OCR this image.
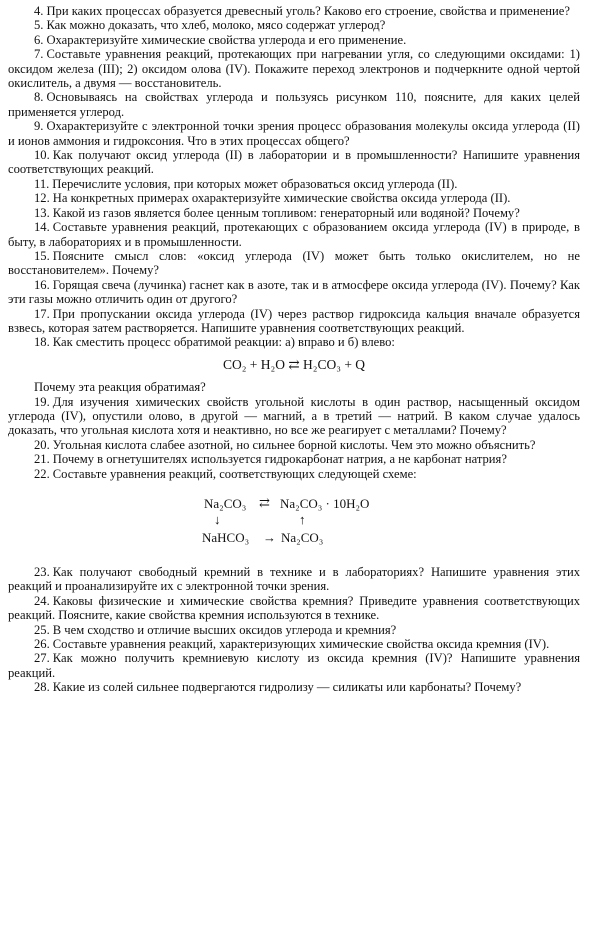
4. При каких процессах образуется древесный уголь? Каково его строение, свойства и применение?

5. Как можно доказать, что хлеб, молоко, мясо содержат углерод?

6. Охарактеризуйте химические свойства углерода и его применение.

7. Составьте уравнения реакций, протекающих при нагревании угля, со следующими оксидами: 1) оксидом железа (III); 2) оксидом олова (IV). Покажите переход электронов и подчеркните одной чертой окислитель, а двумя — восстановитель.

8. Основываясь на свойствах углерода и пользуясь рисунком 110, поясните, для каких целей применяется углерод.

9. Охарактеризуйте с электронной точки зрения процесс образования молекулы оксида углерода (II) и ионов аммония и гидроксония. Что в этих процессах общего?

10. Как получают оксид углерода (II) в лаборатории и в промышленности? Напишите уравнения соответствующих реакций.

11. Перечислите условия, при которых может образоваться оксид углерода (II).

12. На конкретных примерах охарактеризуйте химические свойства оксида углерода (II).

13. Какой из газов является более ценным топливом: генераторный или водяной? Почему?

14. Составьте уравнения реакций, протекающих с образованием оксида углерода (IV) в природе, в быту, в лабораториях и в промышленности.

15. Поясните смысл слов: «оксид углерода (IV) может быть только окислителем, но не восстановителем». Почему?

16. Горящая свеча (лучинка) гаснет как в азоте, так и в атмосфере оксида углерода (IV). Почему? Как эти газы можно отличить один от другого?

17. При пропускании оксида углерода (IV) через раствор гидроксида кальция вначале образуется взвесь, которая затем растворяется. Напишите уравнения соответствующих реакций.

18. Как сместить процесс обратимой реакции: а) вправо и б) влево:

CO₂ + H₂O ⇄ H₂CO₃ + Q

Почему эта реакция обратимая?

19. Для изучения химических свойств угольной кислоты в один раствор, насыщенный оксидом углерода (IV), опустили олово, в другой — магний, а в третий — натрий. В каком случае удалось доказать, что угольная кислота хотя и неактивно, но все же реагирует с металлами? Почему?

20. Угольная кислота слабее азотной, но сильнее борной кислоты. Чем это можно объяснить?

21. Почему в огнетушителях используется гидрокарбонат натрия, а не карбонат натрия?

22. Составьте уравнения реакций, соответствующих следующей схеме:

Na₂CO₃ ⇄ Na₂CO₃ · 10H₂O
↓	↑
NaHCO₃ → Na₂CO₃

23. Как получают свободный кремний в технике и в лабораториях? Напишите уравнения этих реакций и проанализируйте их с электронной точки зрения.

24. Каковы физические и химические свойства кремния? Приведите уравнения соответствующих реакций. Поясните, какие свойства кремния используются в технике.

25. В чем сходство и отличие высших оксидов углерода и кремния?

26. Составьте уравнения реакций, характеризующих химические свойства оксида кремния (IV).

27. Как можно получить кремниевую кислоту из оксида кремния (IV)? Напишите уравнения реакций.

28. Какие из солей сильнее подвергаются гидролизу — силикаты или карбонаты? Почему?
